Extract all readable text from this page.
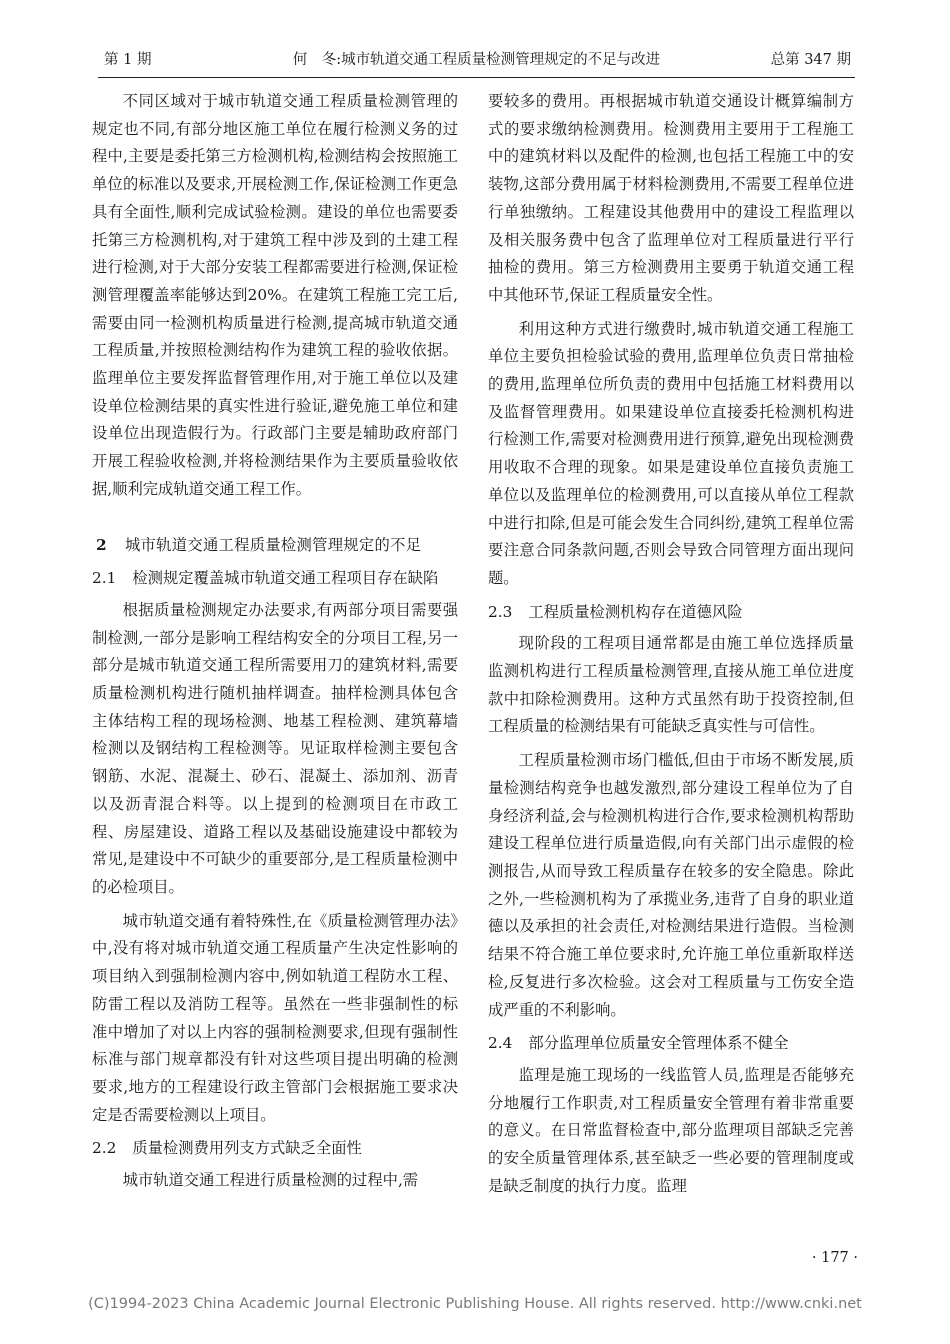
第 1 期	何　冬:城市轨道交通工程质量检测管理规定的不足与改进	总第 347 期

不同区域对于城市轨道交通工程质量检测管理的规定也不同,有部分地区施工单位在履行检测义务的过程中,主要是委托第三方检测机构,检测结构会按照施工单位的标准以及要求,开展检测工作,保证检测工作更急具有全面性,顺利完成试验检测。建设的单位也需要委托第三方检测机构,对于建筑工程中涉及到的土建工程进行检测,对于大部分安装工程都需要进行检测,保证检测管理覆盖率能够达到20%。在建筑工程施工完工后,需要由同一检测机构质量进行检测,提高城市轨道交通工程质量,并按照检测结构作为建筑工程的验收依据。监理单位主要发挥监督管理作用,对于施工单位以及建设单位检测结果的真实性进行验证,避免施工单位和建设单位出现造假行为。行政部门主要是辅助政府部门开展工程验收检测,并将检测结果作为主要质量验收依据,顺利完成轨道交通工程工作。

2 城市轨道交通工程质量检测管理规定的不足
2.1 检测规定覆盖城市轨道交通工程项目存在缺陷

根据质量检测规定办法要求,有两部分项目需要强制检测,一部分是影响工程结构安全的分项目工程,另一部分是城市轨道交通工程所需要用刀的建筑材料,需要质量检测机构进行随机抽样调查。抽样检测具体包含主体结构工程的现场检测、地基工程检测、建筑幕墙检测以及钢结构工程检测等。见证取样检测主要包含钢筋、水泥、混凝土、砂石、混凝土、添加剂、沥青以及沥青混合料等。以上提到的检测项目在市政工程、房屋建设、道路工程以及基础设施建设中都较为常见,是建设中不可缺少的重要部分,是工程质量检测中的必检项目。

城市轨道交通有着特殊性,在《质量检测管理办法》中,没有将对城市轨道交通工程质量产生决定性影响的项目纳入到强制检测内容中,例如轨道工程防水工程、防雷工程以及消防工程等。虽然在一些非强制性的标准中增加了对以上内容的强制检测要求,但现有强制性标准与部门规章都没有针对这些项目提出明确的检测要求,地方的工程建设行政主管部门会根据施工要求决定是否需要检测以上项目。

2.2 质量检测费用列支方式缺乏全面性

城市轨道交通工程进行质量检测的过程中,需

要较多的费用。再根据城市轨道交通设计概算编制方式的要求缴纳检测费用。检测费用主要用于工程施工中的建筑材料以及配件的检测,也包括工程施工中的安装物,这部分费用属于材料检测费用,不需要工程单位进行单独缴纳。工程建设其他费用中的建设工程监理以及相关服务费中包含了监理单位对工程质量进行平行抽检的费用。第三方检测费用主要勇于轨道交通工程中其他环节,保证工程质量安全性。

利用这种方式进行缴费时,城市轨道交通工程施工单位主要负担检验试验的费用,监理单位负责日常抽检的费用,监理单位所负责的费用中包括施工材料费用以及监督管理费用。如果建设单位直接委托检测机构进行检测工作,需要对检测费用进行预算,避免出现检测费用收取不合理的现象。如果是建设单位直接负责施工单位以及监理单位的检测费用,可以直接从单位工程款中进行扣除,但是可能会发生合同纠纷,建筑工程单位需要注意合同条款问题,否则会导致合同管理方面出现问题。

2.3 工程质量检测机构存在道德风险

现阶段的工程项目通常都是由施工单位选择质量监测机构进行工程质量检测管理,直接从施工单位进度款中扣除检测费用。这种方式虽然有助于投资控制,但工程质量的检测结果有可能缺乏真实性与可信性。

工程质量检测市场门槛低,但由于市场不断发展,质量检测结构竞争也越发激烈,部分建设工程单位为了自身经济利益,会与检测机构进行合作,要求检测机构帮助建设工程单位进行质量造假,向有关部门出示虚假的检测报告,从而导致工程质量存在较多的安全隐患。除此之外,一些检测机构为了承揽业务,违背了自身的职业道德以及承担的社会责任,对检测结果进行造假。当检测结果不符合施工单位要求时,允许施工单位重新取样送检,反复进行多次检验。这会对工程质量与工伤安全造成严重的不利影响。

2.4 部分监理单位质量安全管理体系不健全

监理是施工现场的一线监管人员,监理是否能够充分地履行工作职责,对工程质量安全管理有着非常重要的意义。在日常监督检查中,部分监理项目部缺乏完善的安全质量管理体系,甚至缺乏一些必要的管理制度或是缺乏制度的执行力度。监理

· 177 ·
(C)1994-2023 China Academic Journal Electronic Publishing House. All rights reserved. http://www.cnki.net
